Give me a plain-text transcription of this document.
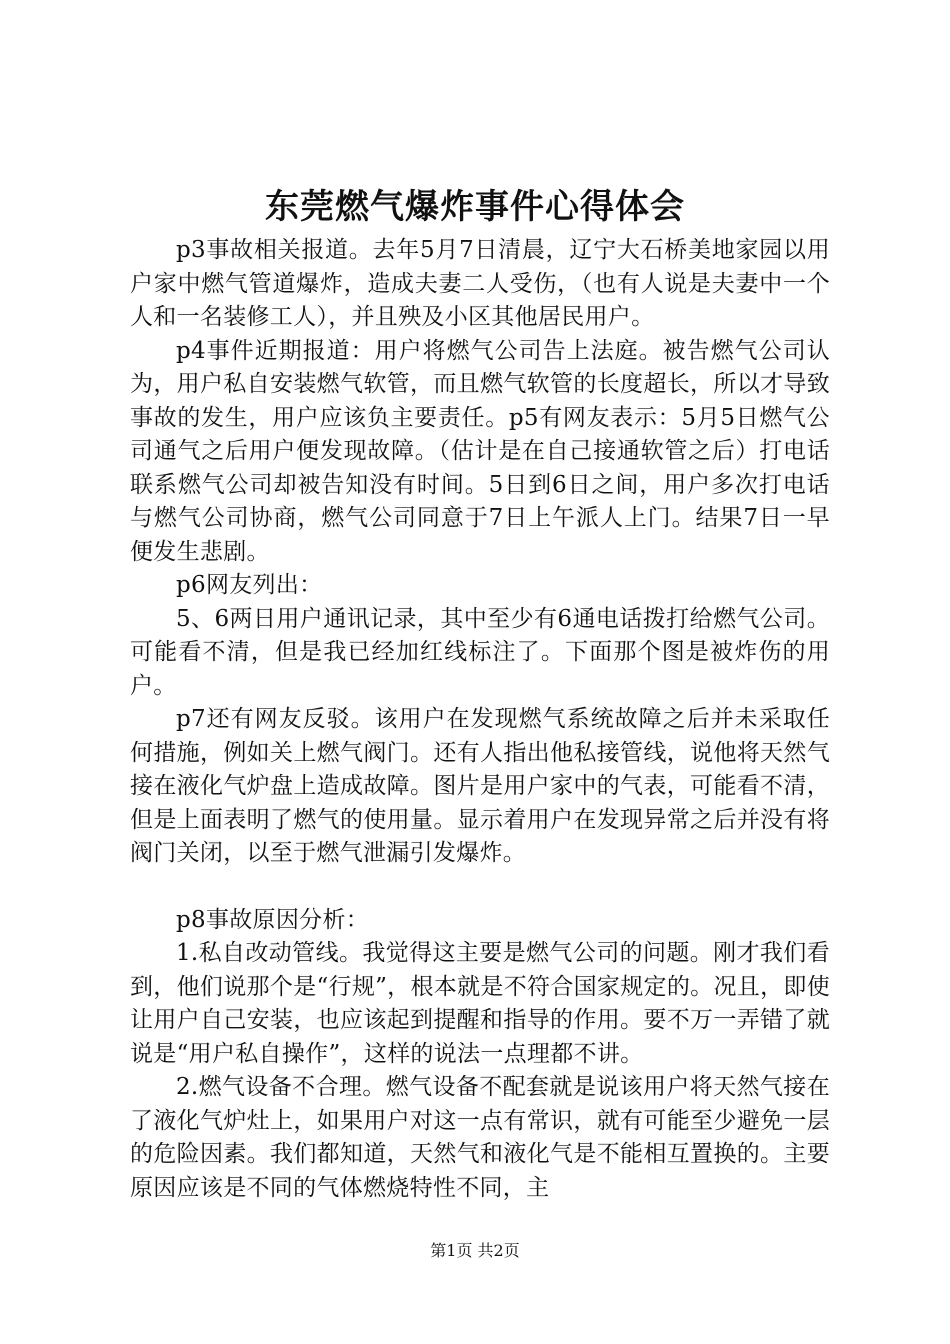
东莞燃气爆炸事件心得体会

p3事故相关报道。去年5月7日清晨，辽宁大石桥美地家园以用户家中燃气管道爆炸，造成夫妻二人受伤，（也有人说是夫妻中一个人和一名装修工人），并且殃及小区其他居民用户。

p4事件近期报道：用户将燃气公司告上法庭。被告燃气公司认为，用户私自安装燃气软管，而且燃气软管的长度超长，所以才导致事故的发生，用户应该负主要责任。p5有网友表示：5月5日燃气公司通气之后用户便发现故障。（估计是在自己接通软管之后）打电话联系燃气公司却被告知没有时间。5日到6日之间，用户多次打电话与燃气公司协商，燃气公司同意于7日上午派人上门。结果7日一早便发生悲剧。

p6网友列出：

5、6两日用户通讯记录，其中至少有6通电话拨打给燃气公司。可能看不清，但是我已经加红线标注了。下面那个图是被炸伤的用户。

p7还有网友反驳。该用户在发现燃气系统故障之后并未采取任何措施，例如关上燃气阀门。还有人指出他私接管线，说他将天然气接在液化气炉盘上造成故障。图片是用户家中的气表，可能看不清，但是上面表明了燃气的使用量。显示着用户在发现异常之后并没有将阀门关闭，以至于燃气泄漏引发爆炸。

p8事故原因分析：

1.私自改动管线。我觉得这主要是燃气公司的问题。刚才我们看到，他们说那个是“行规”，根本就是不符合国家规定的。况且，即使让用户自己安装，也应该起到提醒和指导的作用。要不万一弄错了就说是“用户私自操作”，这样的说法一点理都不讲。

2.燃气设备不合理。燃气设备不配套就是说该用户将天然气接在了液化气炉灶上，如果用户对这一点有常识，就有可能至少避免一层的危险因素。我们都知道，天然气和液化气是不能相互置换的。主要原因应该是不同的气体燃烧特性不同，主

第1页 共2页
